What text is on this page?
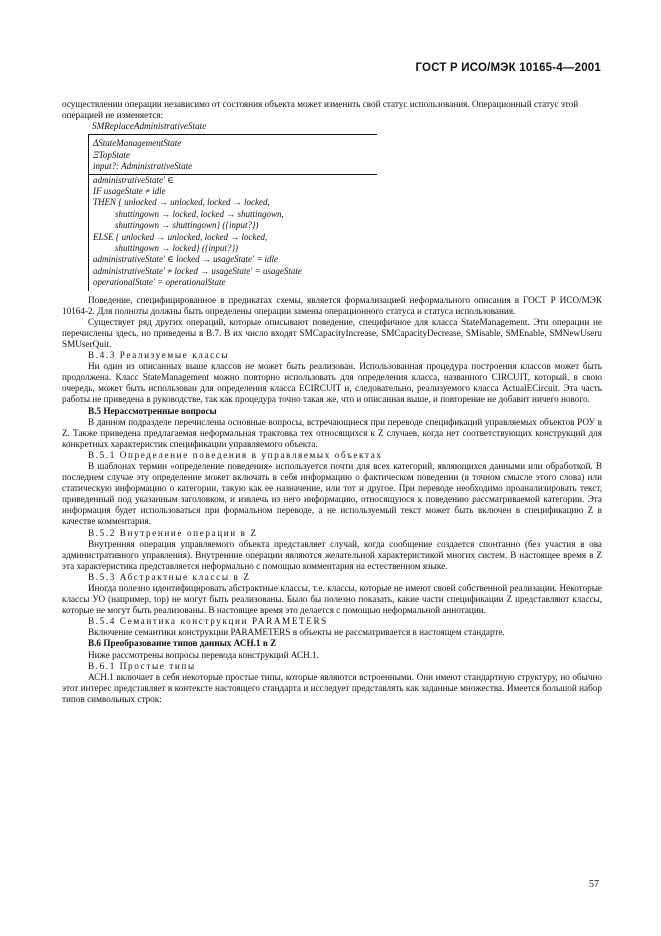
ГОСТ Р ИСО/МЭК 10165-4—2001

осуществлении операции независимо от состояния объекта может изменить свой статус использования. Операционный статус этой операцией не изменяется:

SMReplaceAdministrativeState
ΔStateManagementState
ΞTopState
input?: AdministrativeState
administrativeState' ∈
IF usageState ≠ idle
THEN { unlocked → unlocked, locked → locked,
shuttingown → locked, locked → shuttingown,
shuttingown → shuttingown} ({input?})
ELSE { unlocked → unlocked, locked → locked,
shuttingown → locked} ({input?})
administrativeState' ∈ locked → usageState' = idle
administrativeState' ≠ locked → usageState' = usageState
operationalState' = operationalState

Поведение, специфицированное в предикатах схемы, является формализацией неформального описания в ГОСТ Р ИСО/МЭК 10164-2. Для полноты должны быть определены операции замены операционного статуса и статуса использования.

Существует ряд других операций, которые описывают поведение, специфичное для класса StateManagement. Эти операции не перечислены здесь, но приведены в B.7. В их число входят SMCapacityIncrease, SMCapacityDecrease, SMisable, SMEnable, SMNewUseru SMUserQuit.

В.4.3 Реализуемые классы

Ни один из описанных выше классов не может быть реализован. Использованная процедура построения классов может быть продолжена. Класс StateManagement можно повторно использовать для определения класса, названного CIRCUIT, который, в свою очередь, может быть использован для определения класса ECIRCUIT и, следовательно, реализуемого класса ActualECircuit. Эта часть работы не приведена в руководстве, так как процедура точно такая же, что и описанная выше, и повторение не добавит ничего нового.

В.5 Нерассмотренные вопросы

В данном подразделе перечислены основные вопросы, встречающиеся при переводе спецификаций управляемых объектов РОУ в Z. Также приведена предлагаемая неформальная трактовка тех относящихся к Z случаев, когда нет соответствующих конструкций для конкретных характеристик спецификации управляемого объекта.

В.5.1 Определение поведения в управляемых объектах

В шаблонах термин «определение поведения» используется почти для всех категорий, являющихся данными или обработкой. В последнем случае эту определение может включать в себя информацию о фактическом поведении (в точном смысле этого слова) или статическую информацию о категории, такую как ее назначение, или тот и другое. При переводе необходимо проанализировать текст, приведенный под указанным заголовком, и извлечь из него информацию, относящуюся к поведению рассматриваемой категории. Эта информация будет использоваться при формальном переводе, а не используемый текст может быть включен в спецификацию Z в качестве комментария.

В.5.2 Внутренние операции в Z

Внутренняя операция управляемого объекта представляет случай, когда сообщение создается спонтанно (без участия в ова административного управления). Внутренние операции являются желательной характеристикой многих систем. В настоящее время в Z эта характеристика представляется неформально с помощью комментария на естественном языке.

В.5.3 Абстрактные классы в Z

Иногда полезно идентифицировать абстрактные классы, т.е. классы, которые не имеют своей собственной реализации. Некоторые классы УО (например, top) не могут быть реализованы. Было бы полезно показать, какие части спецификации Z представляют классы, которые не могут быть реализованы. В настоящее время это делается с помощью неформальной аннотации.

В.5.4 Семантика конструкции PARAMETERS

Включение семантики конструкции PARAMETERS в объекты не рассматривается в настоящем стандарте.

В.6 Преобразование типов данных АСН.1 в Z

Ниже рассмотрены вопросы перевода конструкций АСН.1.

В.6.1 Простые типы

АСН.1 включает в себя некоторые простые типы, которые являются встроенными. Они имеют стандартную структуру, но обычно этот интерес представляет в контексте настоящего стандарта и исследует представлять как заданные множества. Имеется большой набор типов символьных строк:

57
